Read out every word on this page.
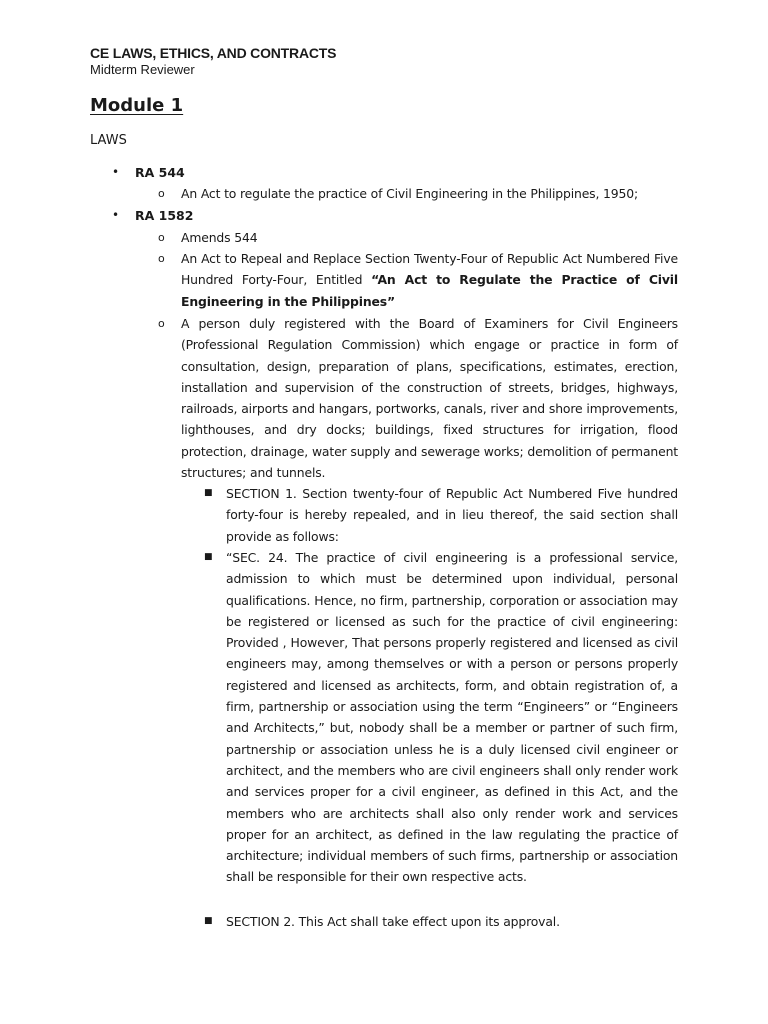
CE LAWS, ETHICS, AND CONTRACTS
Midterm Reviewer
Module 1
LAWS
• RA 544
o An Act to regulate the practice of Civil Engineering in the Philippines, 1950;
• RA 1582
o Amends 544
o An Act to Repeal and Replace Section Twenty-Four of Republic Act Numbered Five Hundred Forty-Four, Entitled “An Act to Regulate the Practice of Civil Engineering in the Philippines”
o A person duly registered with the Board of Examiners for Civil Engineers (Professional Regulation Commission) which engage or practice in form of consultation, design, preparation of plans, specifications, estimates, erection, installation and supervision of the construction of streets, bridges, highways, railroads, airports and hangars, portworks, canals, river and shore improvements, lighthouses, and dry docks; buildings, fixed structures for irrigation, flood protection, drainage, water supply and sewerage works; demolition of permanent structures; and tunnels.
■ SECTION 1. Section twenty-four of Republic Act Numbered Five hundred forty-four is hereby repealed, and in lieu thereof, the said section shall provide as follows:
■ “SEC. 24. The practice of civil engineering is a professional service, admission to which must be determined upon individual, personal qualifications. Hence, no firm, partnership, corporation or association may be registered or licensed as such for the practice of civil engineering: Provided , However, That persons properly registered and licensed as civil engineers may, among themselves or with a person or persons properly registered and licensed as architects, form, and obtain registration of, a firm, partnership or association using the term “Engineers” or “Engineers and Architects,” but, nobody shall be a member or partner of such firm, partnership or association unless he is a duly licensed civil engineer or architect, and the members who are civil engineers shall only render work and services proper for a civil engineer, as defined in this Act, and the members who are architects shall also only render work and services proper for an architect, as defined in the law regulating the practice of architecture; individual members of such firms, partnership or association shall be responsible for their own respective acts.
■ SECTION 2. This Act shall take effect upon its approval.
